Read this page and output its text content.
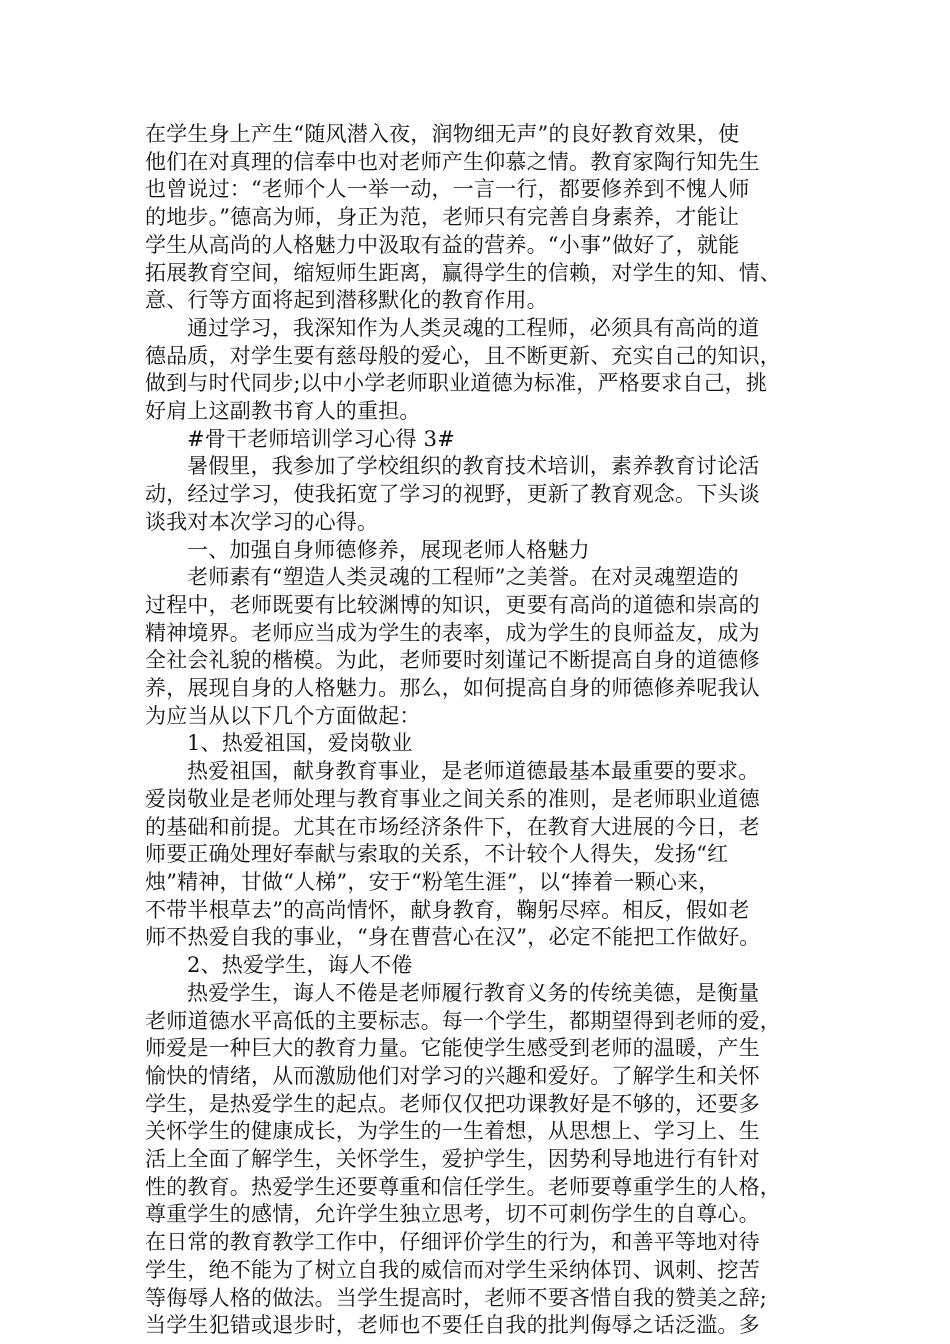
在学生身上产生“随风潜入夜，润物细无声”的良好教育效果，使
他们在对真理的信奉中也对老师产生仰慕之情。教育家陶行知先生
也曾说过：“老师个人一举一动，一言一行，都要修养到不愧人师
的地步。”德高为师，身正为范，老师只有完善自身素养，才能让
学生从高尚的人格魅力中汲取有益的营养。“小事”做好了，就能
拓展教育空间，缩短师生距离，赢得学生的信赖，对学生的知、情、
意、行等方面将起到潜移默化的教育作用。
通过学习，我深知作为人类灵魂的工程师，必须具有高尚的道
德品质，对学生要有慈母般的爱心，且不断更新、充实自己的知识，
做到与时代同步;以中小学老师职业道德为标准，严格要求自己，挑
好肩上这副教书育人的重担。
#骨干老师培训学习心得 3#
暑假里，我参加了学校组织的教育技术培训，素养教育讨论活
动，经过学习，使我拓宽了学习的视野，更新了教育观念。下头谈
谈我对本次学习的心得。
一、加强自身师德修养，展现老师人格魅力
老师素有“塑造人类灵魂的工程师”之美誉。在对灵魂塑造的
过程中，老师既要有比较渊博的知识，更要有高尚的道德和崇高的
精神境界。老师应当成为学生的表率，成为学生的良师益友，成为
全社会礼貌的楷模。为此，老师要时刻谨记不断提高自身的道德修
养，展现自身的人格魅力。那么，如何提高自身的师德修养呢我认
为应当从以下几个方面做起：
1、热爱祖国，爱岗敬业
热爱祖国，献身教育事业，是老师道德最基本最重要的要求。
爱岗敬业是老师处理与教育事业之间关系的准则，是老师职业道德
的基础和前提。尤其在市场经济条件下，在教育大进展的今日，老
师要正确处理好奉献与索取的关系，不计较个人得失，发扬“红
烛”精神，甘做“人梯”，安于“粉笔生涯”，以“捧着一颗心来，
不带半根草去”的高尚情怀，献身教育，鞠躬尽瘁。相反，假如老
师不热爱自我的事业，“身在曹营心在汉”，必定不能把工作做好。
2、热爱学生，诲人不倦
热爱学生，诲人不倦是老师履行教育义务的传统美德，是衡量
老师道德水平高低的主要标志。每一个学生，都期望得到老师的爱，
师爱是一种巨大的教育力量。它能使学生感受到老师的温暖，产生
愉快的情绪，从而激励他们对学习的兴趣和爱好。了解学生和关怀
学生，是热爱学生的起点。老师仅仅把功课教好是不够的，还要多
关怀学生的健康成长，为学生的一生着想，从思想上、学习上、生
活上全面了解学生，关怀学生，爱护学生，因势利导地进行有针对
性的教育。热爱学生还要尊重和信任学生。老师要尊重学生的人格，
尊重学生的感情，允许学生独立思考，切不可刺伤学生的自尊心。
在日常的教育教学工作中，仔细评价学生的行为，和善平等地对待
学生，绝不能为了树立自我的威信而对学生采纳体罚、讽刺、挖苦
等侮辱人格的做法。当学生提高时，老师不要吝惜自我的赞美之辞;
当学生犯错或退步时，老师也不要任自我的批判侮辱之话泛滥。多
